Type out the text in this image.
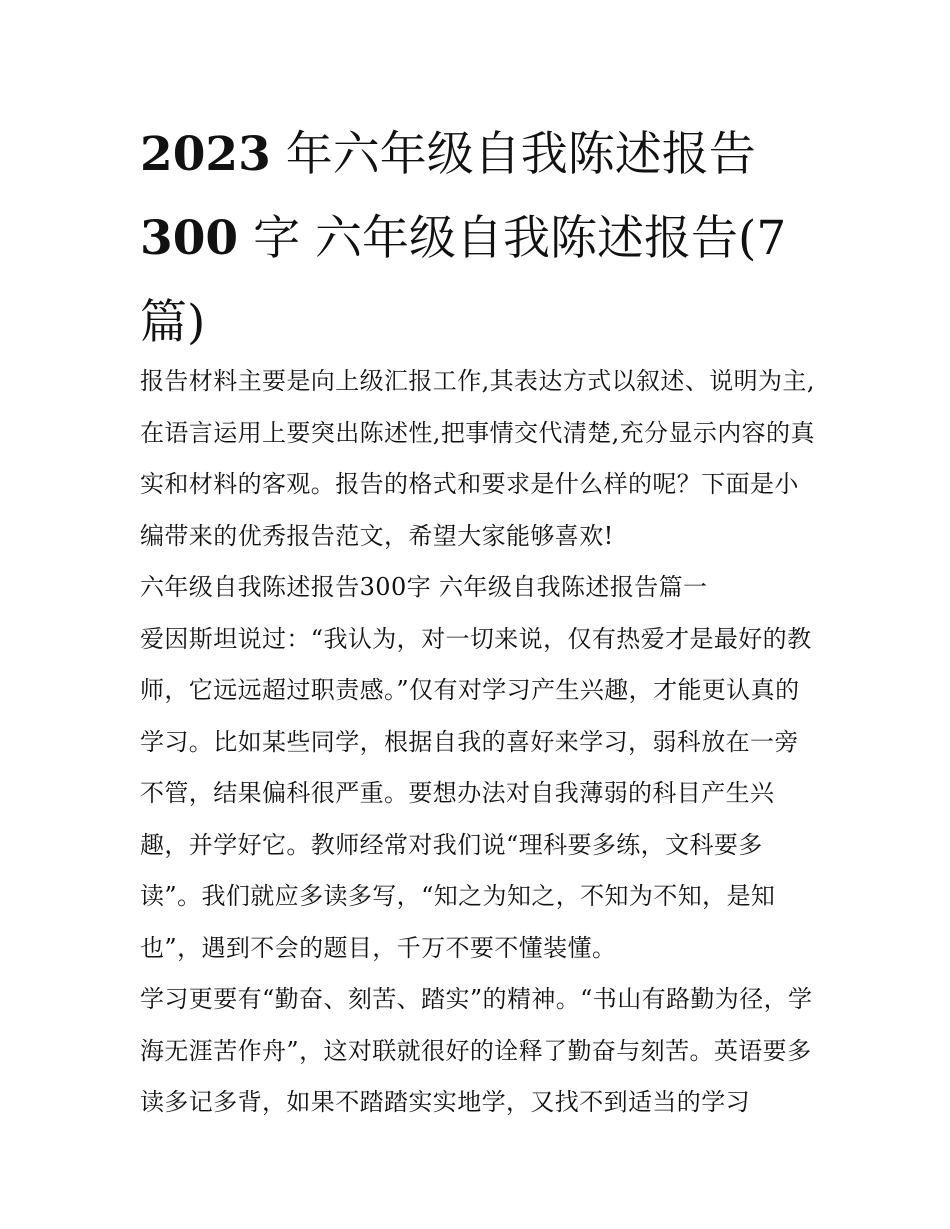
2023 年六年级自我陈述报告
300 字 六年级自我陈述报告(7
篇)

报告材料主要是向上级汇报工作,其表达方式以叙述、说明为主,在语言运用上要突出陈述性,把事情交代清楚,充分显示内容的真实和材料的客观。报告的格式和要求是什么样的呢？下面是小编带来的优秀报告范文，希望大家能够喜欢!

六年级自我陈述报告300字 六年级自我陈述报告篇一

爱因斯坦说过：“我认为，对一切来说，仅有热爱才是最好的教师，它远远超过职责感。”仅有对学习产生兴趣，才能更认真的学习。比如某些同学，根据自我的喜好来学习，弱科放在一旁不管，结果偏科很严重。要想办法对自我薄弱的科目产生兴趣，并学好它。教师经常对我们说“理科要多练，文科要多读”。我们就应多读多写，“知之为知之，不知为不知，是知也”，遇到不会的题目，千万不要不懂装懂。

学习更要有“勤奋、刻苦、踏实”的精神。“书山有路勤为径，学海无涯苦作舟”，这对联就很好的诠释了勤奋与刻苦。英语要多读多记多背，如果不踏踏实实地学，又找不到适当的学习
